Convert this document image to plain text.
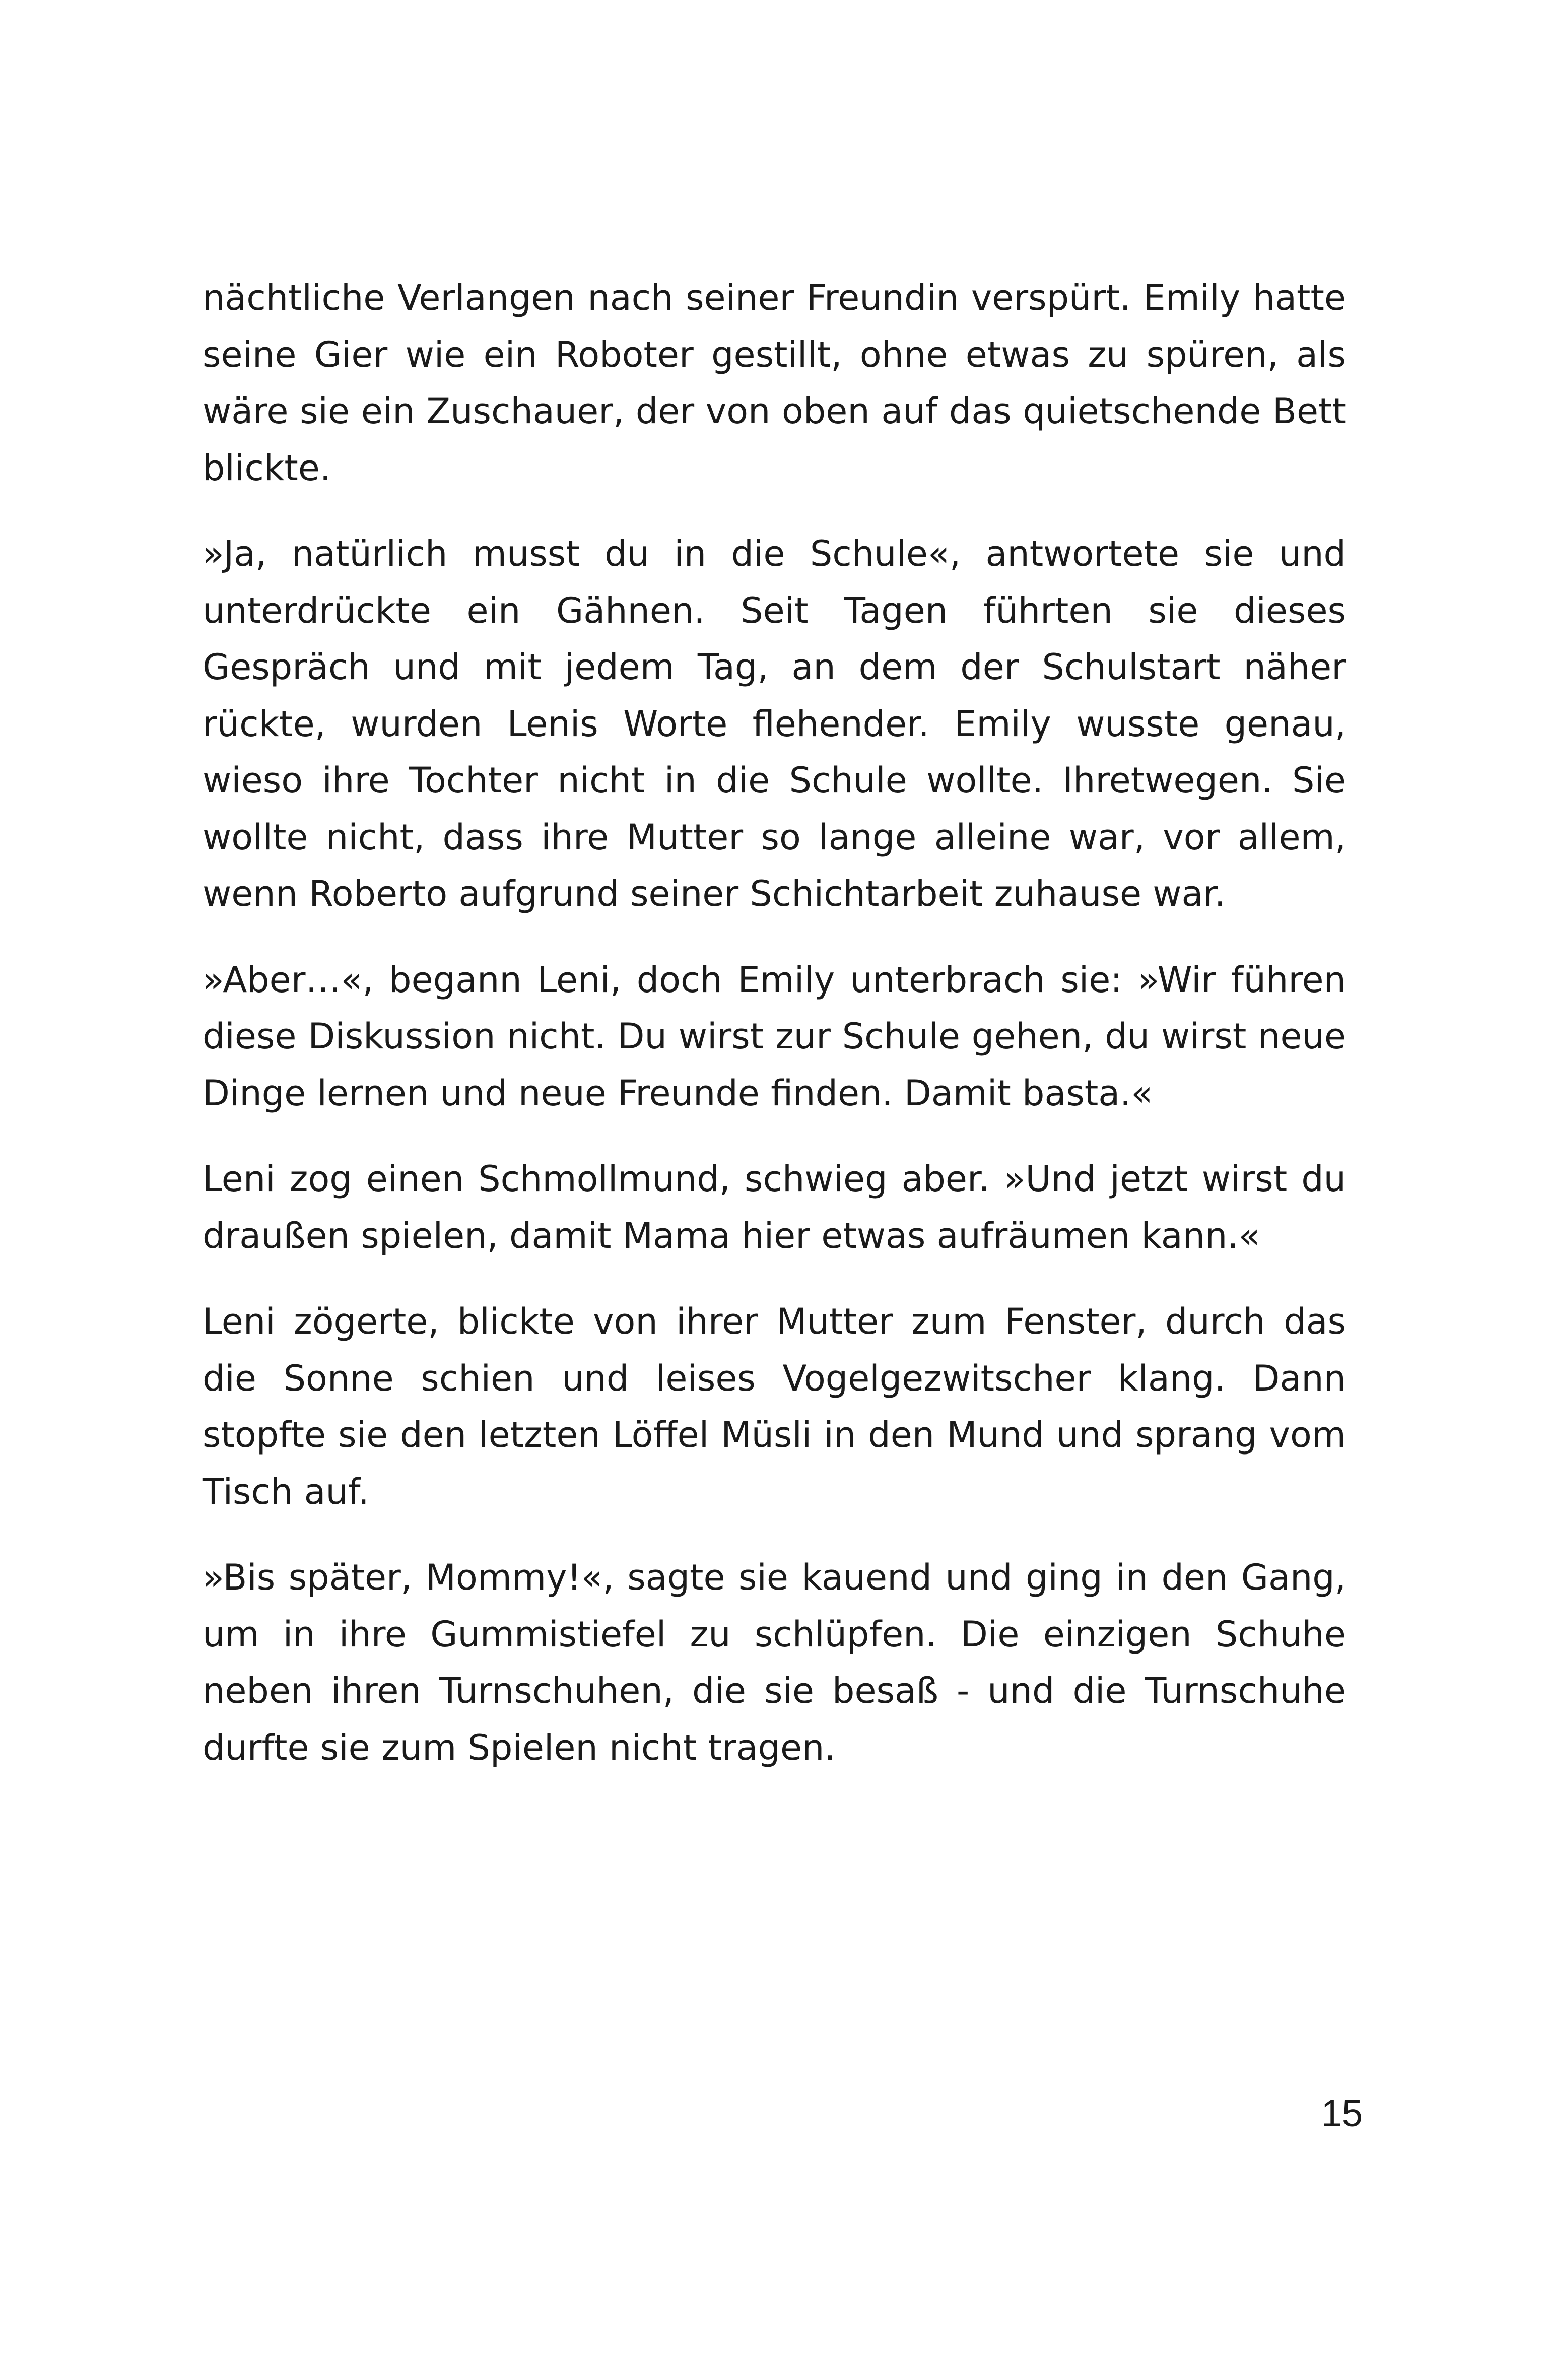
nächtliche Verlangen nach seiner Freundin verspürt. Emily hatte seine Gier wie ein Roboter gestillt, ohne etwas zu spüren, als wäre sie ein Zuschauer, der von oben auf das quietschende Bett blickte.

»Ja, natürlich musst du in die Schule«, antwortete sie und unterdrückte ein Gähnen. Seit Tagen führten sie dieses Gespräch und mit jedem Tag, an dem der Schulstart näher rückte, wurden Lenis Worte flehender. Emily wusste genau, wieso ihre Tochter nicht in die Schule wollte. Ihretwegen. Sie wollte nicht, dass ihre Mutter so lange alleine war, vor allem, wenn Roberto aufgrund seiner Schichtarbeit zuhause war.

»Aber…«, begann Leni, doch Emily unterbrach sie: »Wir führen diese Diskussion nicht. Du wirst zur Schule gehen, du wirst neue Dinge lernen und neue Freunde finden. Damit basta.«

Leni zog einen Schmollmund, schwieg aber. »Und jetzt wirst du draußen spielen, damit Mama hier etwas aufräumen kann.«

Leni zögerte, blickte von ihrer Mutter zum Fenster, durch das die Sonne schien und leises Vogelgezwitscher klang. Dann stopfte sie den letzten Löffel Müsli in den Mund und sprang vom Tisch auf.

»Bis später, Mommy!«, sagte sie kauend und ging in den Gang, um in ihre Gummistiefel zu schlüpfen. Die einzigen Schuhe neben ihren Turnschuhen, die sie besaß - und die Turnschuhe durfte sie zum Spielen nicht tragen.

15
